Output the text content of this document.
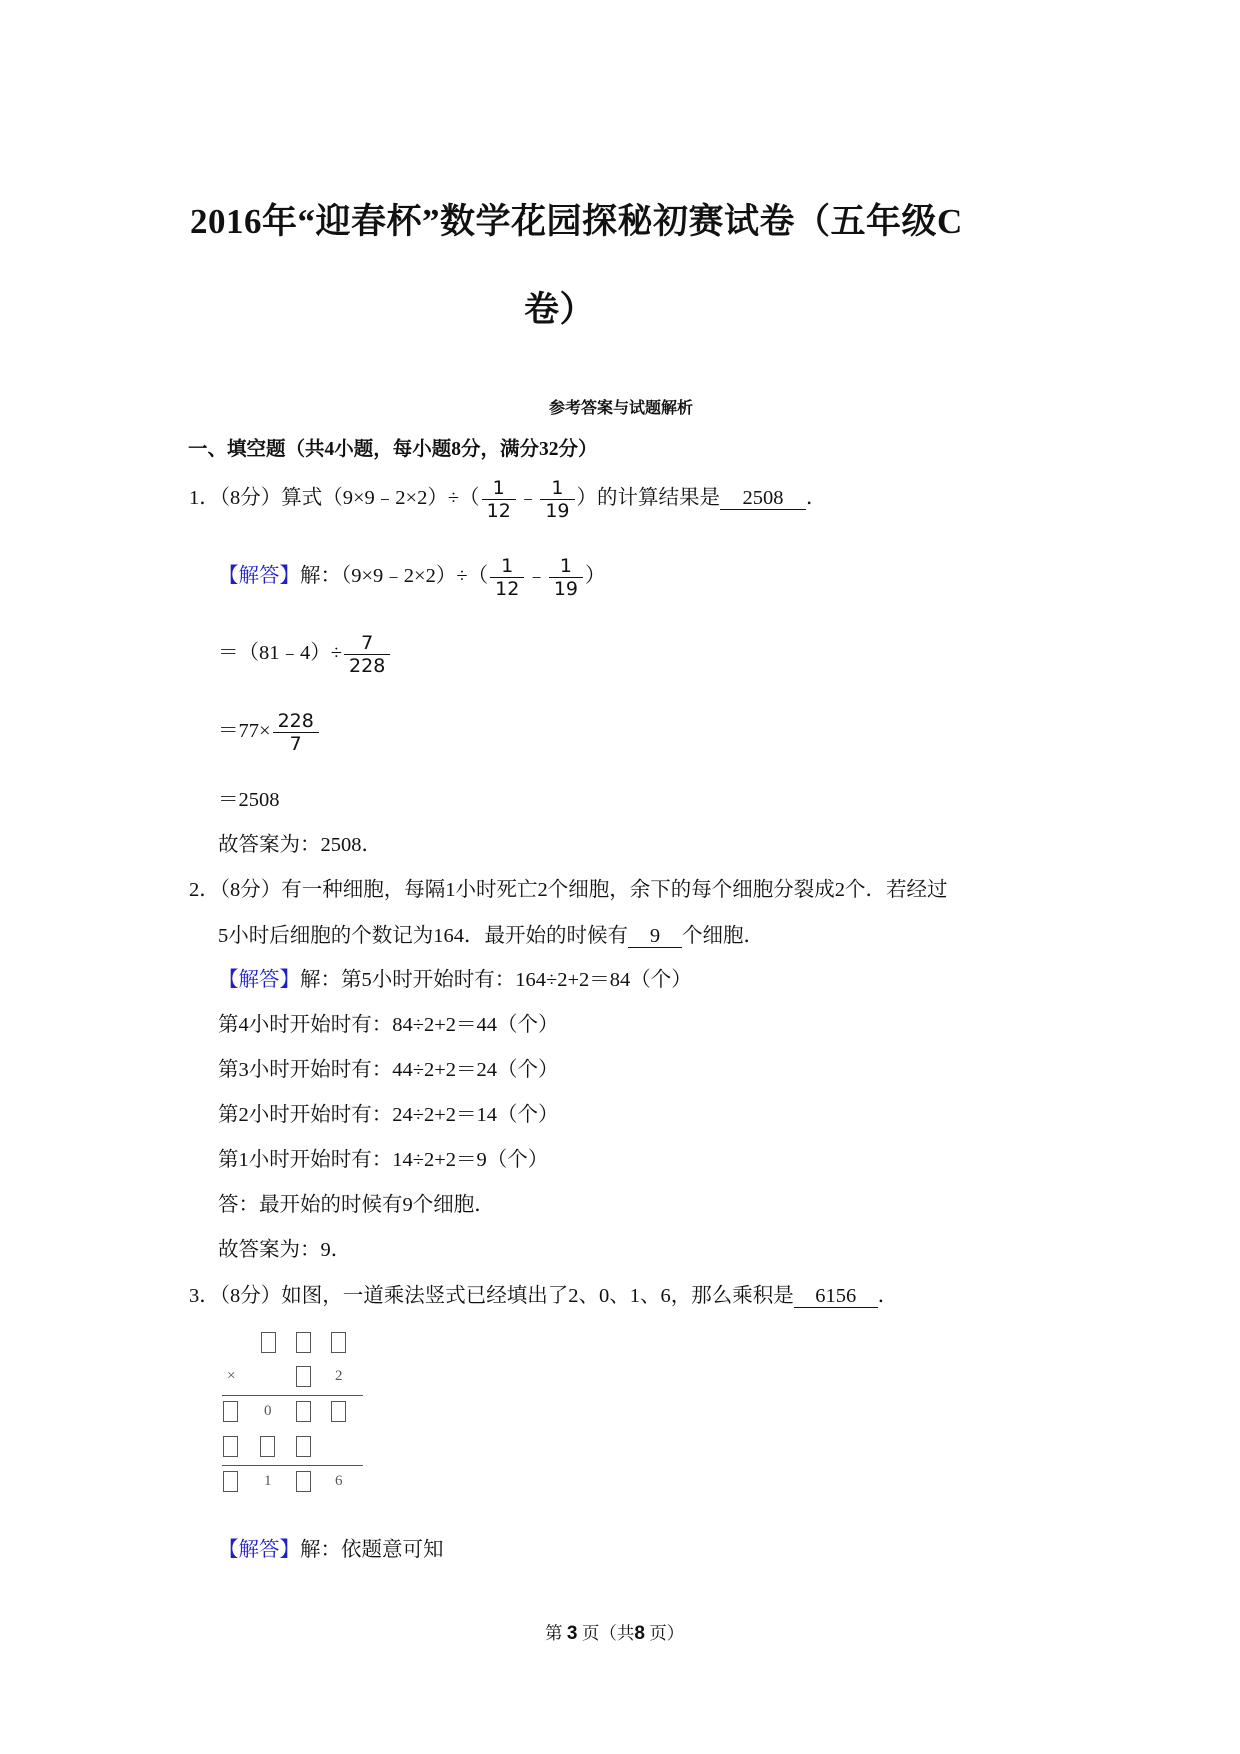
2016年“迎春杯”数学花园探秘初赛试卷（五年级C
卷）
参考答案与试题解析
一、填空题（共4小题，每小题8分，满分32分）
1．（8分）算式（9×9﹣2×2）÷（ $\frac{1}{12}$ ﹣ $\frac{1}{19}$ ）的计算结果是 2508 ．
【解答】解：（9×9﹣2×2）÷（ $\frac{1}{12}$ ﹣ $\frac{1}{19}$ ）
＝（81﹣4）÷ $\frac{7}{228}$
$=77\times \frac{228}{7}$
＝2508
故答案为：2508．
2．（8分）有一种细胞，每隔1小时死亡2个细胞，余下的每个细胞分裂成2个．若经过
5小时后细胞的个数记为164．最开始的时候有 9 个细胞．
【解答】解：第5小时开始时有：164÷2+2＝84（个）
第4小时开始时有：84÷2+2＝44（个）
第3小时开始时有：44÷2+2＝24（个）
第2小时开始时有：24÷2+2＝14（个）
第1小时开始时有：14÷2+2＝9（个）
答：最开始的时候有9个细胞．
故答案为：9．
3．（8分）如图，一道乘法竖式已经填出了2、0、1、6，那么乘积是 6156 ．
×	2
0
1	6
【解答】解：依题意可知
第 3 页（共8 页）
